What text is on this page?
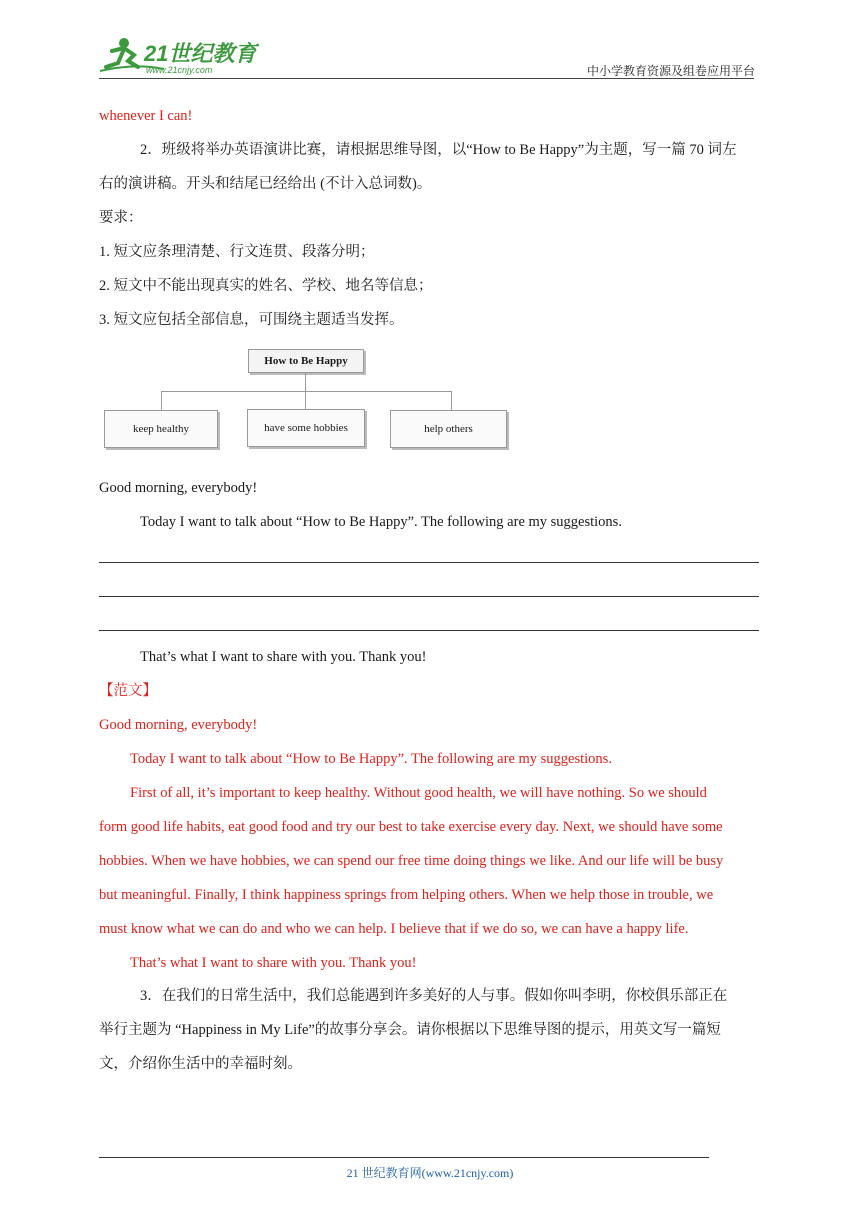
21世纪教育
www.21cnjy.com	中小学教育资源及组卷应用平台
whenever I can!
2．班级将举办英语演讲比赛，请根据思维导图，以“How to Be Happy”为主题，写一篇 70 词左
右的演讲稿。开头和结尾已经给出 (不计入总词数)。
要求：
1. 短文应条理清楚、行文连贯、段落分明；
2. 短文中不能出现真实的姓名、学校、地名等信息；
3. 短文应包括全部信息，可围绕主题适当发挥。
How to Be Happy
keep healthy	have some hobbies	help others
Good morning, everybody!
Today I want to talk about “How to Be Happy”. The following are my suggestions.
That’s what I want to share with you. Thank you!
【范文】
Good morning, everybody!
Today I want to talk about “How to Be Happy”. The following are my suggestions.
First of all, it’s important to keep healthy. Without good health, we will have nothing. So we should
form good life habits, eat good food and try our best to take exercise every day. Next, we should have some
hobbies. When we have hobbies, we can spend our free time doing things we like. And our life will be busy
but meaningful. Finally, I think happiness springs from helping others. When we help those in trouble, we
must know what we can do and who we can help. I believe that if we do so, we can have a happy life.
That’s what I want to share with you. Thank you!
3．在我们的日常生活中，我们总能遇到许多美好的人与事。假如你叫李明，你校俱乐部正在
举行主题为 “Happiness in My Life”的故事分享会。请你根据以下思维导图的提示，用英文写一篇短
文，介绍你生活中的幸福时刻。
21 世纪教育网(www.21cnjy.com)
